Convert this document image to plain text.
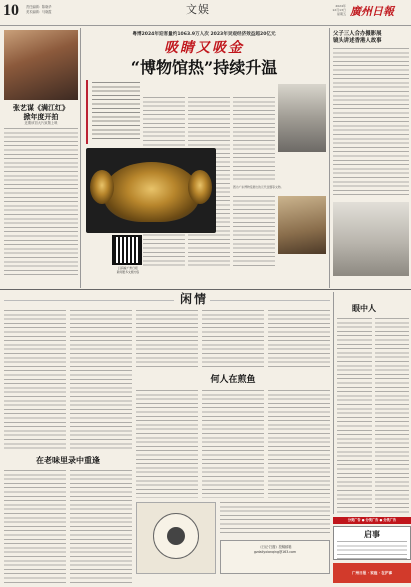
10 责任编辑：陈晓华
美术编辑：马晓霞	文娱	2024年
12月13日
星期五 廣州日報
张艺谋《满江红》
掀年度开拍
近期该初大片致敬上映
粤博2024年迎客量约1063.9万人次 2023年吴观经济效益超20亿元
吸睛又吸金
“博物馆热”持续升温
扫码看广州日报
新闻更多文娱内容
图为广东博物馆展出的元代金器等文物。
父子三人合办摄影展
镜头讲述香港人故事
闲情
何人在煎鱼
在老味里录中重逢
《日记·扫窗》投稿邮箱
gzdailyxianqing@163.com
眼中人
分类广告 ● 分类广告 ● 分类广告
启事
广州日报 · 家庭 · 在沪事
